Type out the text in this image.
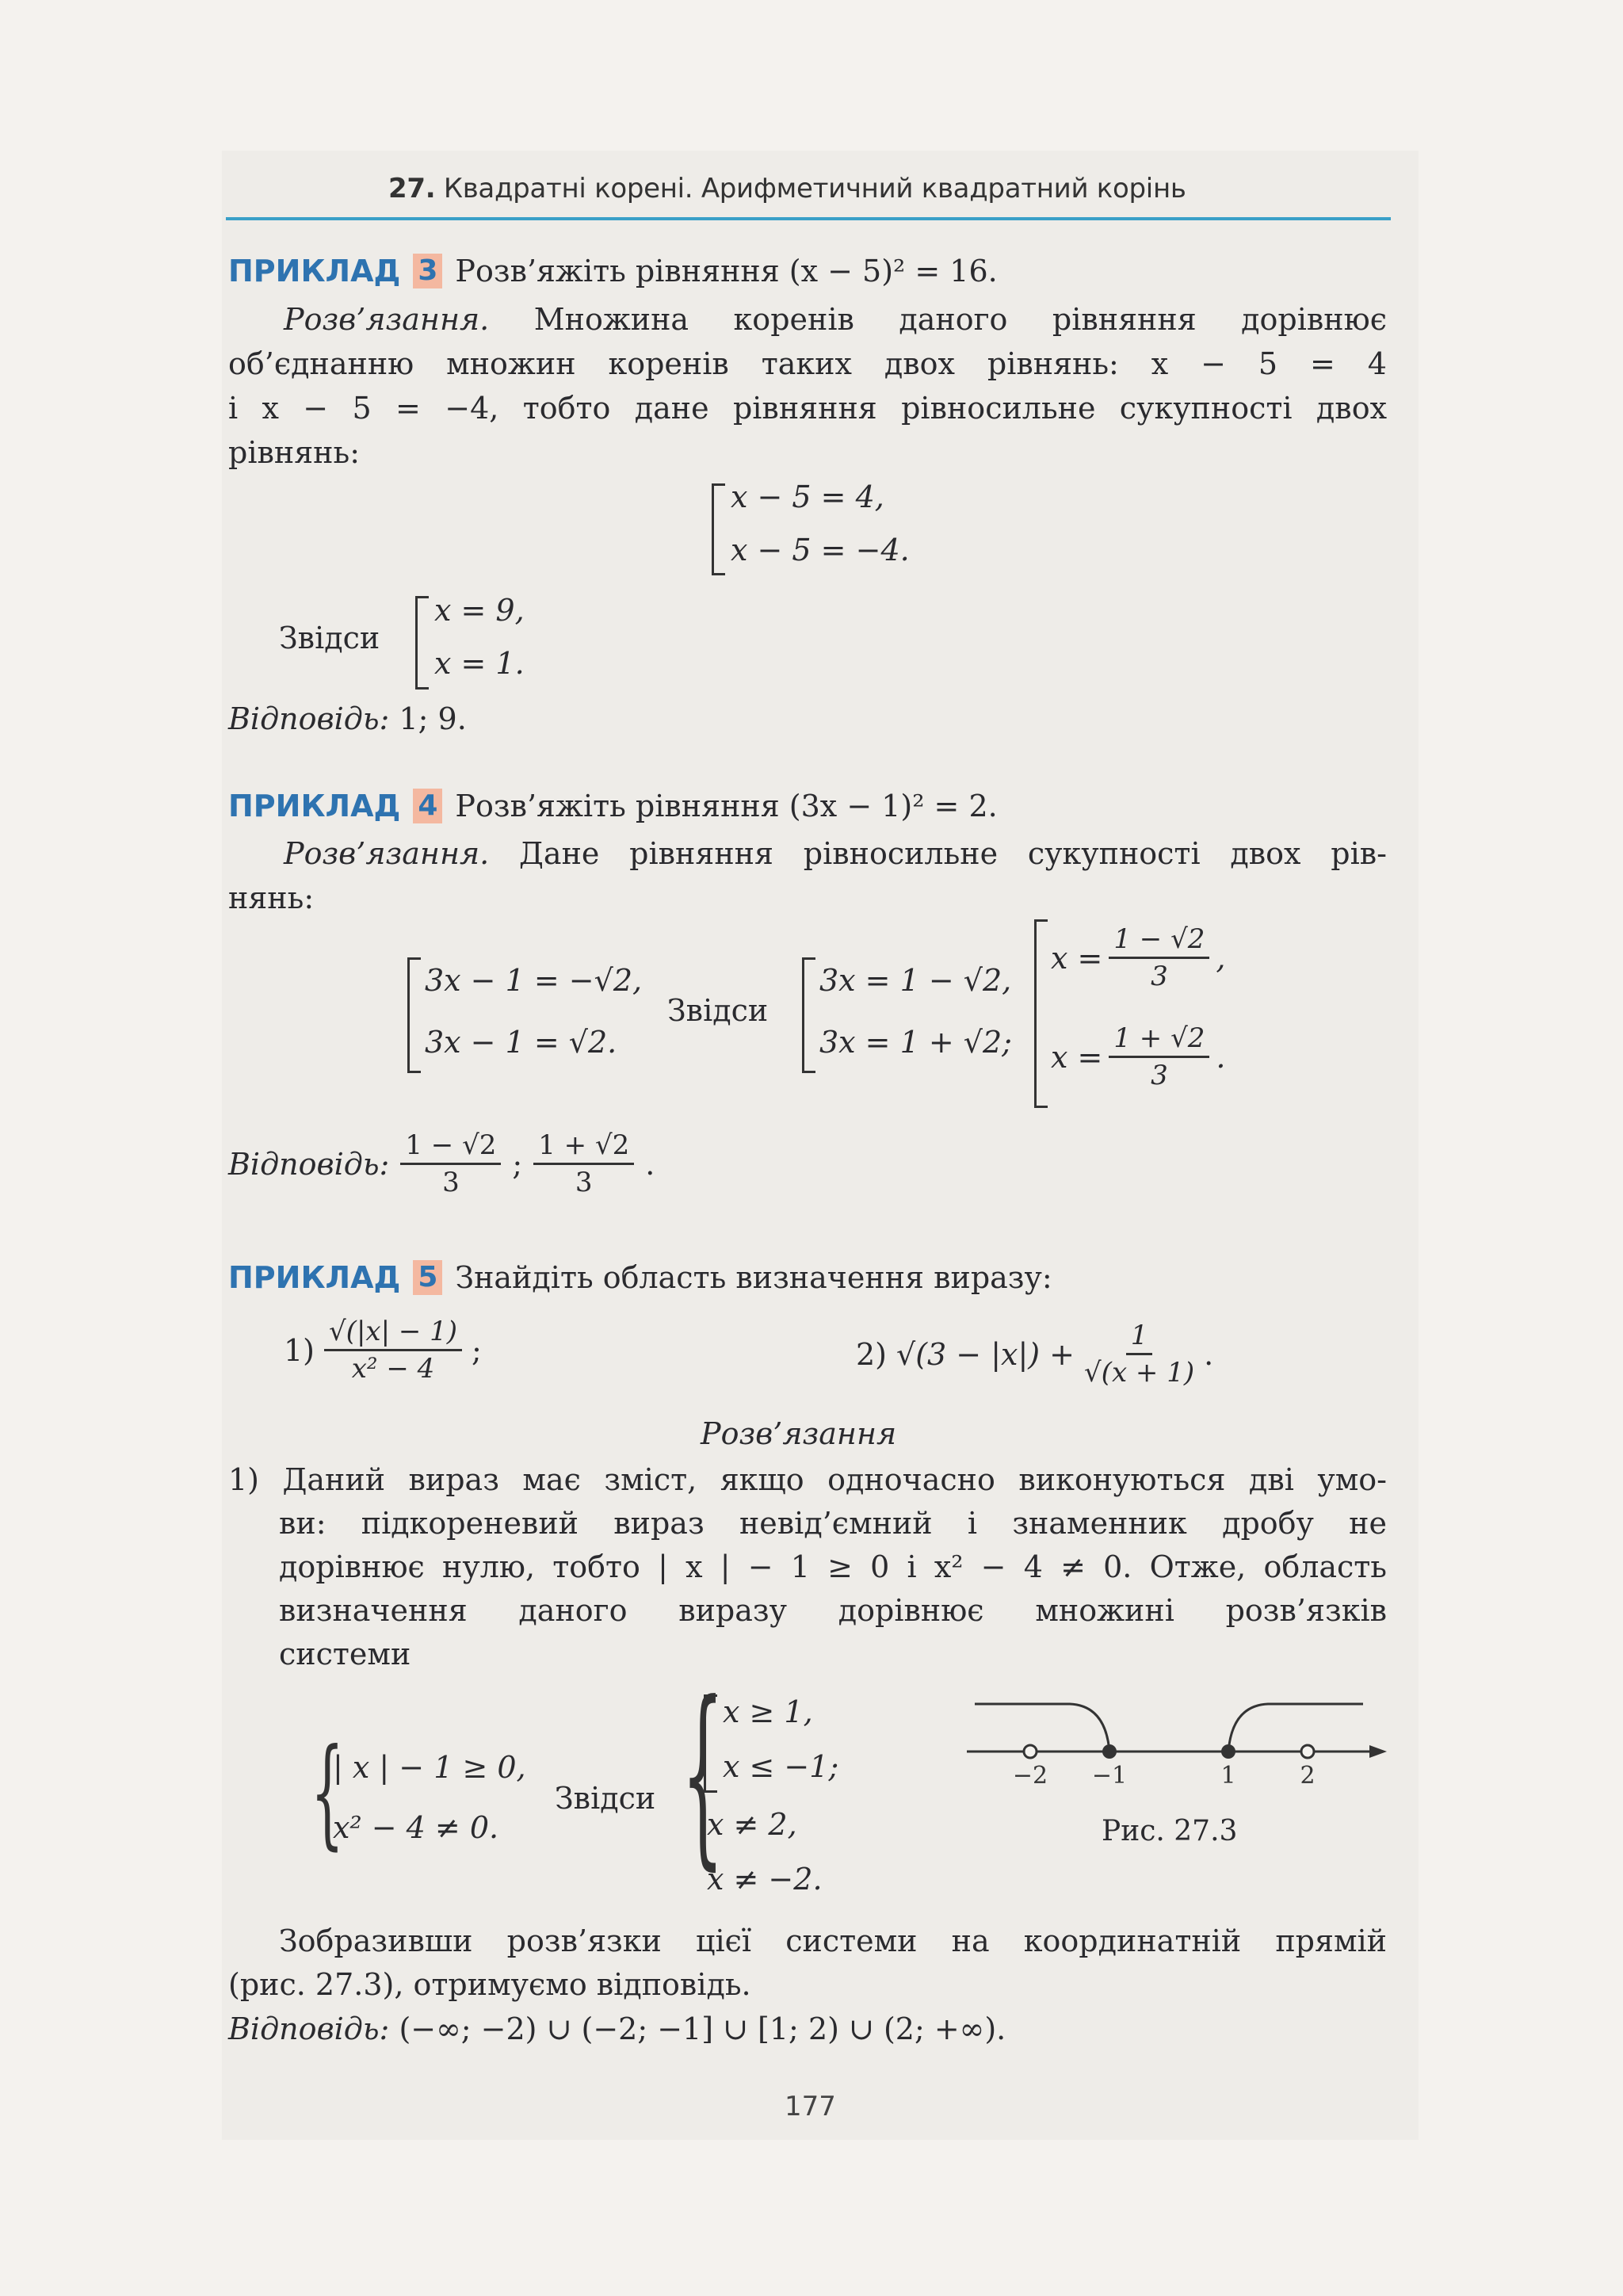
27. Квадратні корені. Арифметичний квадратний корінь
ПРИКЛАД 3 Розв’яжіть рівняння (x − 5)² = 16.
Розв’язання. Множина коренів даного рівняння дорівнює
об’єднанню множин коренів таких двох рівнянь: x − 5 = 4
і x − 5 = −4, тобто дане рівняння рівносильне сукупності двох
рівнянь:
x − 5 = 4,
x − 5 = −4.
Звідси
x = 9,
x = 1.
Відповідь: 1; 9.
ПРИКЛАД 4 Розв’яжіть рівняння (3x − 1)² = 2.
Розв’язання. Дане рівняння рівносильне сукупності двох рів-
нянь:
3x − 1 = −√2,
3x − 1 = √2.
Звідси
3x = 1 − √2,
3x = 1 + √2;
$x = \frac{1 - √2}{3}$ ,
$x = \frac{1 + √2}{3}$ .
Відповідь: $\frac{1 - √2}{3}$ ; $\frac{1 + √2}{3}$ .
ПРИКЛАД 5 Знайдіть область визначення виразу:
$1) \frac{√(|x| - 1)}{\text{x² − 4}}$ ;	2) $√(3 - |x|) + \frac{1}{√(x + 1)}$ .
Розв’язання
1) Даний вираз має зміст, якщо одночасно виконуються дві умо-
ви: підкореневий вираз невід’ємний і знаменник дробу не
дорівнює нулю, тобто | x | − 1 ≥ 0 і x² − 4 ≠ 0. Отже, область
визначення даного виразу дорівнює множині розв’язків
системи
{
| x | − 1 ≥ 0,
x² − 4 ≠ 0.
Звідси {
x ≥ 1,
x ≤ −1;
x ≠ 2,
x ≠ −2.
−2 −1	1	2
Рис. 27.3
Зобразивши розв’язки цієї системи на координатній прямій
(рис. 27.3), отримуємо відповідь.
Відповідь: (−∞; −2) ∪ (−2; −1] ∪ [1; 2) ∪ (2; +∞).
177
